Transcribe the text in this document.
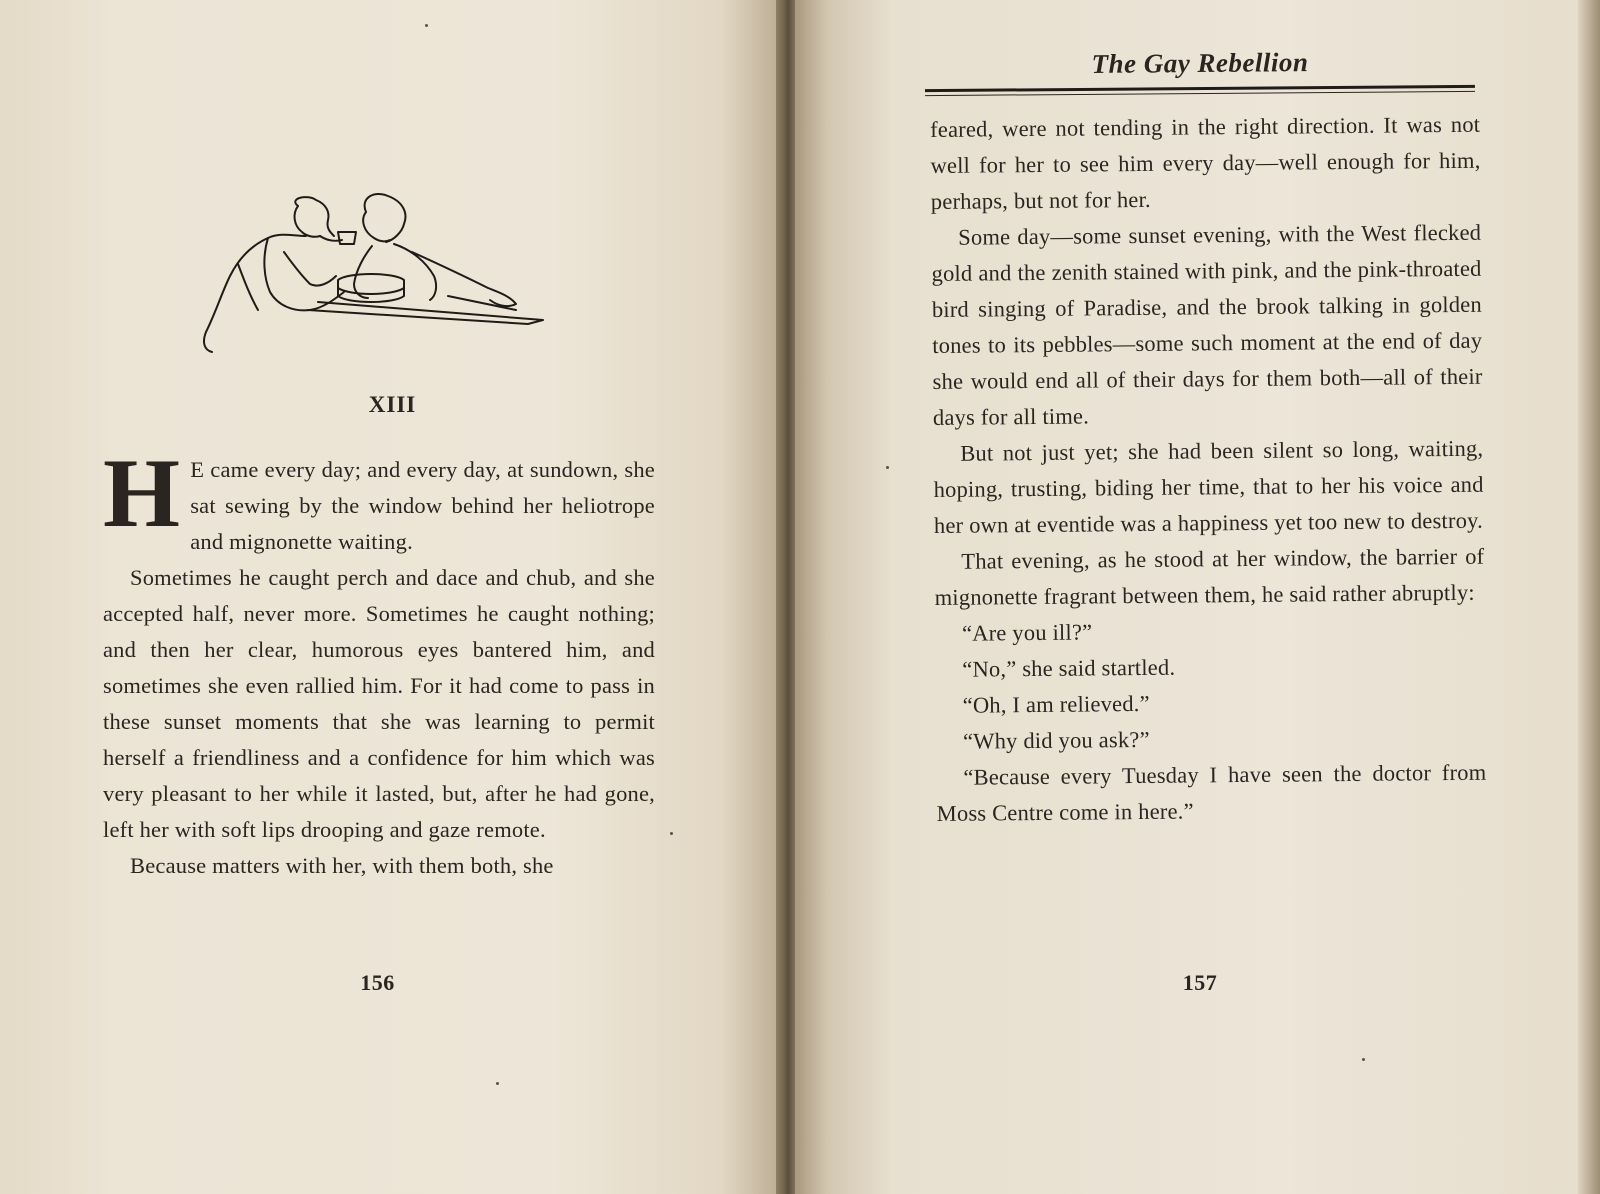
XIII
H E came every day; and every day, at sundown, she sat sewing by the window behind her heliotrope and mignonette waiting.

Sometimes he caught perch and dace and chub, and she accepted half, never more. Sometimes he caught nothing; and then her clear, humorous eyes bantered him, and sometimes she even rallied him. For it had come to pass in these sunset moments that she was learning to permit herself a friendliness and a confidence for him which was very pleasant to her while it lasted, but, after he had gone, left her with soft lips drooping and gaze remote.

Because matters with her, with them both, she

156
The Gay Rebellion

feared, were not tending in the right direction. It was not well for her to see him every day—well enough for him, perhaps, but not for her.

Some day—some sunset evening, with the West flecked gold and the zenith stained with pink, and the pink-throated bird singing of Paradise, and the brook talking in golden tones to its pebbles—some such moment at the end of day she would end all of their days for them both—all of their days for all time.

But not just yet; she had been silent so long, waiting, hoping, trusting, biding her time, that to her his voice and her own at eventide was a happiness yet too new to destroy.

That evening, as he stood at her window, the barrier of mignonette fragrant between them, he said rather abruptly:

“Are you ill?”

“No,” she said startled.

“Oh, I am relieved.”

“Why did you ask?”

“Because every Tuesday I have seen the doctor from Moss Centre come in here.”

157
